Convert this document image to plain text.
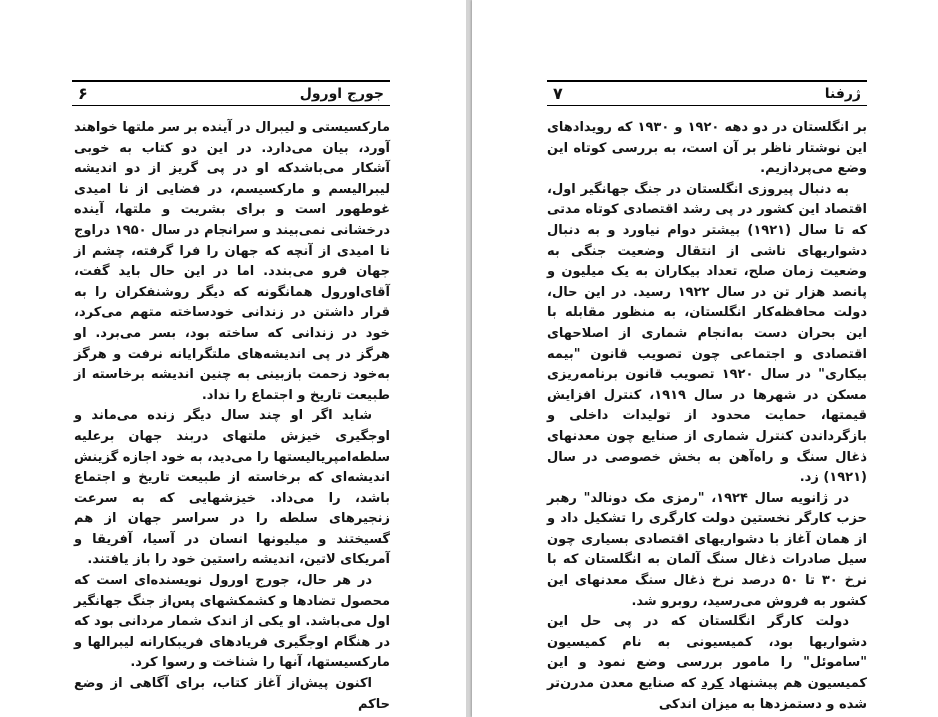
جورج اورول
۶

مارکسیستی و لیبرال در آینده بر سر ملتها خواهند آورد، بیان می‌دارد. در این دو کتاب به خوبی آشکار می‌باشدکه او در پی گریز از دو اندیشه لیبرالیسم و مارکسیسم، در فضایی از نا امیدی غوطهور است و برای بشریت و ملتها، آینده درخشانی نمی‌بیند و سرانجام در سال ۱۹۵۰ دراوج نا امیدی از آنچه که جهان را فرا گرفته، چشم از جهان فرو می‌بندد. اما در این حال باید گفت، آقای‌اورول همانگونه که دیگر روشنفکران را به قرار داشتن در زندانی خودساخته متهم می‌کرد، خود در زندانی که ساخته بود، بسر می‌برد. او هرگز در پی اندیشه‌های ملتگرایانه نرفت و هرگز به‌خود زحمت بازبینی به چنین اندیشه برخاسته از طبیعت تاریخ و اجتماع را نداد.

شاید اگر او چند سال دیگر زنده می‌ماند و اوجگیری خیزش ملتهای دربند جهان برعلیه سلطه‌امپریالیستها را می‌دید، به خود اجازه گزینش اندیشه‌ای که برخاسته از طبیعت تاریخ و اجتماع باشد، را می‌داد. خیزشهایی که به سرعت زنجیرهای سلطه را در سراسر جهان از هم گسیختند و میلیونها انسان در آسیا، آفریقا و آمریکای لاتین، اندیشه راستین خود را باز یافتند.

در هر حال، جورج اورول نویسنده‌ای است که محصول تضادها و کشمکشهای پس‌از جنگ جهانگیر اول می‌باشد. او یکی از اندک شمار مردانی بود که در هنگام اوجگیری فریادهای فریبکارانه لیبرالها و مارکسیستها، آنها را شناخت و رسوا کرد.

اکنون پیش‌از آغاز کتاب، برای آگاهی از وضع حاکم

ژرفنا
۷

بر انگلستان در دو دهه ۱۹۲۰ و ۱۹۳۰ که رویدادهای این نوشتار ناظر بر آن است، به بررسی کوتاه این وضع می‌پردازیم.

به دنبال پیروزی انگلستان در جنگ جهانگیر اول، اقتصاد این کشور در پی رشد اقتصادی کوتاه مدتی که تا سال (۱۹۲۱) بیشتر دوام نیاورد و به دنبال دشواریهای ناشی از انتقال وضعیت جنگی به وضعیت زمان صلح، تعداد بیکاران به یک میلیون و پانصد هزار تن در سال ۱۹۲۲ رسید. در این حال، دولت محافظه‌کار انگلستان، به منظور مقابله با این بحران دست به‌انجام شماری از اصلاحهای اقتصادی و اجتماعی چون تصویب قانون "بیمه بیکاری" در سال ۱۹۲۰ تصویب قانون برنامه‌ریزی مسکن در شهرها در سال ۱۹۱۹، کنترل افزایش قیمتها، حمایت محدود از تولیدات داخلی و بازگرداندن کنترل شماری از صنایع چون معدنهای ذغال سنگ و راه‌آهن به بخش خصوصی در سال (۱۹۲۱) زد.

در ژانویه سال ۱۹۲۴، "رمزی مک دونالد" رهبر حزب کارگر نخستین دولت کارگری را تشکیل داد و از همان آغاز با دشواریهای اقتصادی بسیاری چون سیل صادرات ذغال سنگ آلمان به انگلستان که با نرخ ۳۰ تا ۵۰ درصد نرخ ذغال سنگ معدنهای این کشور به فروش می‌رسید، روبرو شد.

دولت کارگر انگلستان که در پی حل این دشواریها بود، کمیسیونی به نام کمیسیون "ساموئل" را مامور بررسی وضع نمود و این کمیسیون هم پیشنهاد کرد که صنایع معدن مدرن‌تر شده و دستمزدها به میزان اندکی
